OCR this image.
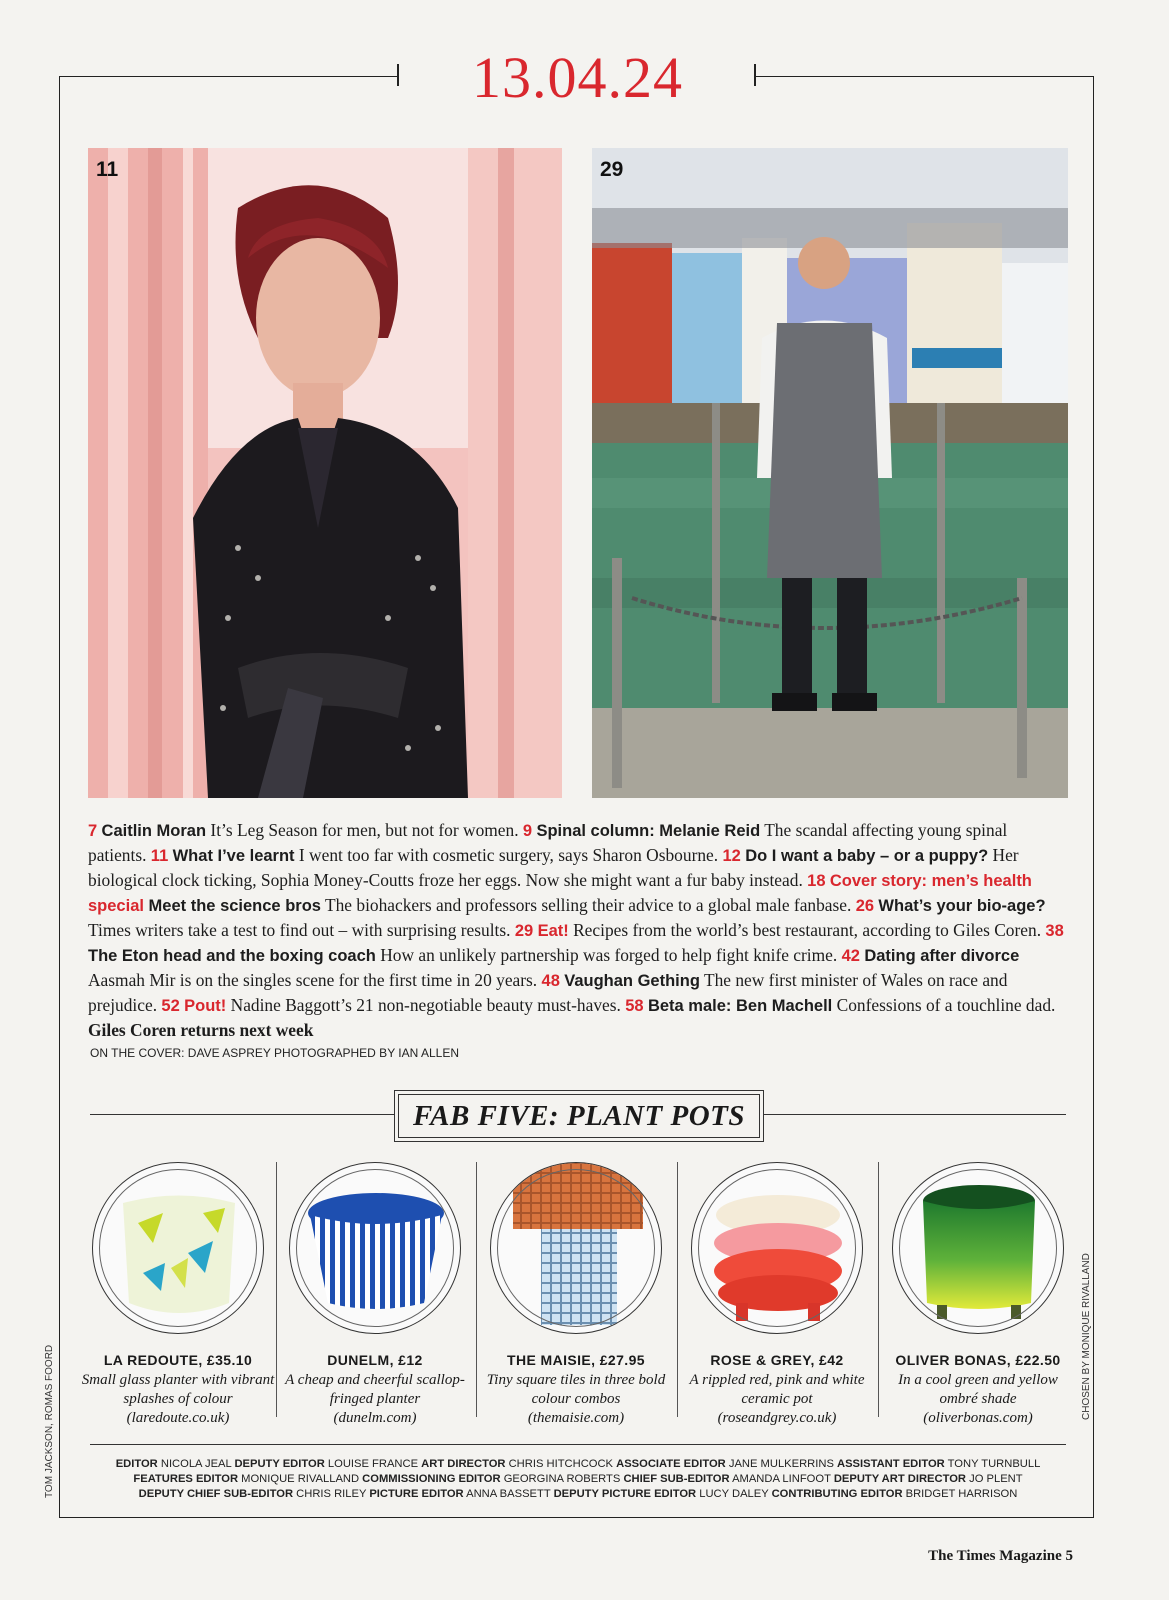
13.04.24
11	29
7 Caitlin Moran It’s Leg Season for men, but not for women. 9 Spinal column: Melanie Reid The scandal affecting young spinal patients. 11 What I’ve learnt I went too far with cosmetic surgery, says Sharon Osbourne. 12 Do I want a baby – or a puppy? Her biological clock ticking, Sophia Money-Coutts froze her eggs. Now she might want a fur baby instead. 18 Cover story: men’s health special Meet the science bros The biohackers and professors selling their advice to a global male fanbase. 26 What’s your bio-age? Times writers take a test to find out – with surprising results. 29 Eat! Recipes from the world’s best restaurant, according to Giles Coren. 38 The Eton head and the boxing coach How an unlikely partnership was forged to help fight knife crime. 42 Dating after divorce Aasmah Mir is on the singles scene for the first time in 20 years. 48 Vaughan Gething The new first minister of Wales on race and prejudice. 52 Pout! Nadine Baggott’s 21 non-negotiable beauty must-haves. 58 Beta male: Ben Machell Confessions of a touchline dad. Giles Coren returns next week
ON THE COVER: DAVE ASPREY PHOTOGRAPHED BY IAN ALLEN
FAB FIVE: PLANT POTS
LA REDOUTE, £35.10
Small glass planter with vibrant splashes of colour
(laredoute.co.uk)
DUNELM, £12
A cheap and cheerful scallop-fringed planter
(dunelm.com)
THE MAISIE, £27.95
Tiny square tiles in three bold colour combos
(themaisie.com)
ROSE & GREY, £42
A rippled red, pink and white ceramic pot
(roseandgrey.co.uk)
OLIVER BONAS, £22.50
In a cool green and yellow ombré shade
(oliverbonas.com)	CHOSEN BY MONIQUE RIVALLAND
EDITOR NICOLA JEAL DEPUTY EDITOR LOUISE FRANCE ART DIRECTOR CHRIS HITCHCOCK ASSOCIATE EDITOR JANE MULKERRINS ASSISTANT EDITOR TONY TURNBULL
FEATURES EDITOR MONIQUE RIVALLAND COMMISSIONING EDITOR GEORGINA ROBERTS CHIEF SUB-EDITOR AMANDA LINFOOT DEPUTY ART DIRECTOR JO PLENT
DEPUTY CHIEF SUB-EDITOR CHRIS RILEY PICTURE EDITOR ANNA BASSETT DEPUTY PICTURE EDITOR LUCY DALEY CONTRIBUTING EDITOR BRIDGET HARRISON
TOM JACKSON, ROMAS FOORD
The Times Magazine 5
